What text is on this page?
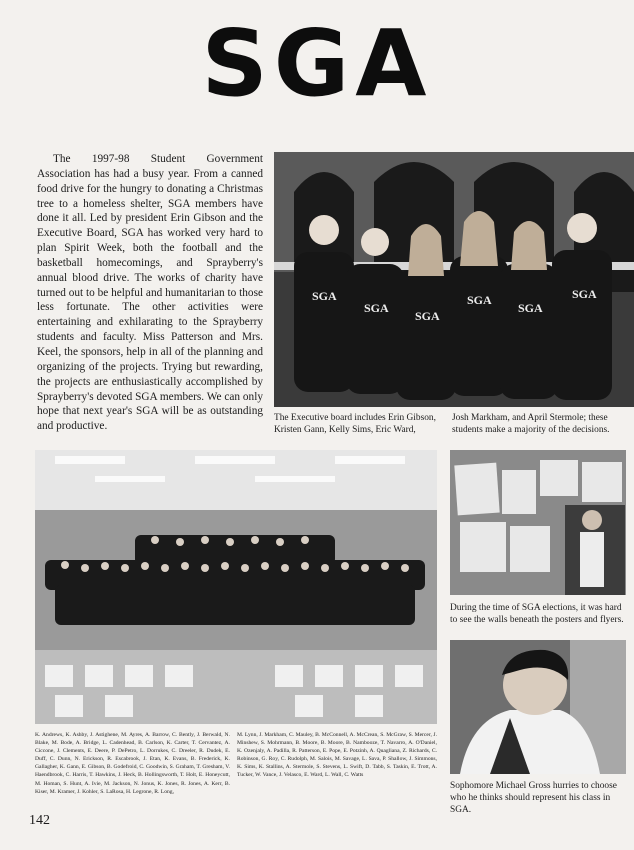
SGA

The 1997-98 Student Government Association has had a busy year. From a canned food drive for the hungry to donating a Christmas tree to a homeless shelter, SGA members have done it all. Led by president Erin Gibson and the Executive Board, SGA has worked very hard to plan Spirit Week, both the football and the basketball homecomings, and Sprayberry's annual blood drive. The works of charity have turned out to be helpful and humanitarian to those less fortunate. The other activities were entertaining and exhilarating to the Sprayberry students and faculty. Miss Patterson and Mrs. Keel, the sponsors, help in all of the planning and organizing of the projects. Trying but rewarding, the projects are enthusiastically accomplished by Sprayberry's devoted SGA members. We can only hope that next year's SGA will be as outstanding and productive.

SGA
SGA
SGA
SGA
SGA
SGA

The Executive board includes Erin Gibson, Kristen Gann, Kelly Sims, Eric Ward,

Josh Markham, and April Stermole; these students make a majority of the decisions.

K. Andrews, K. Ashby, J. Astighene, M. Ayres, A. Barrow, C. Bently, J. Berwald, N. Blake, M. Bode, A. Bridge, L. Cadenhead, B. Carlson, K. Carter, T. Cervantez, A. Ciccone, J. Clements, E. Deere, P. DePetro, L. Dorrukes, C. Dreeler, R. Dudek, E. Duff, C. Dunn, N. Erickson, R. Escabrook, J. Etan, K. Evans, B. Frederick, K. Gallagher, K. Gann, E. Gibson, B. Godefroid, C. Goodwin, S. Graham, T. Gresham, V. Haendbrook, C. Harris, T. Hawkins, J. Heck, B. Hollingsworth, T. Holt, E. Honeycutt, M. Homan, S. Hunt, A. Ivie, M. Jackson, N. Jonus, K. Jones, R. Jones, A. Kerr, B. Kiser, M. Kramer, J. Kohler, S. LaRosa, H. Legrone, R. Long,

M. Lynn, J. Markham, C. Mauley, B. McConnell, A. McCrean, S. McGraw, S. Mercer, J. Minshew, S. Mohrmann, B. Moore, B. Moore, B. Nambooze, T. Navarro, A. O'Daniel, K. Ozenjaly, A. Padilla, R. Patterson, E. Pope, E. Potzinh, A. Quagliana, Z. Richards, C. Robinson, G. Roy, C. Rudolph, M. Salois, M. Savage, L. Sava, P. Shallow, J. Simmons, K. Sims, K. Stallins, A. Stermole, S. Stevens, L. Swift, D. Tabb, S. Taskin, E. Trott, A. Tucker, W. Vance, J. Velasco, E. Ward, L. Wall, C. Watts

During the time of SGA elections, it was hard to see the walls beneath the posters and flyers.

Sophomore Michael Gross hurries to choose who he thinks should represent his class in SGA.

142
